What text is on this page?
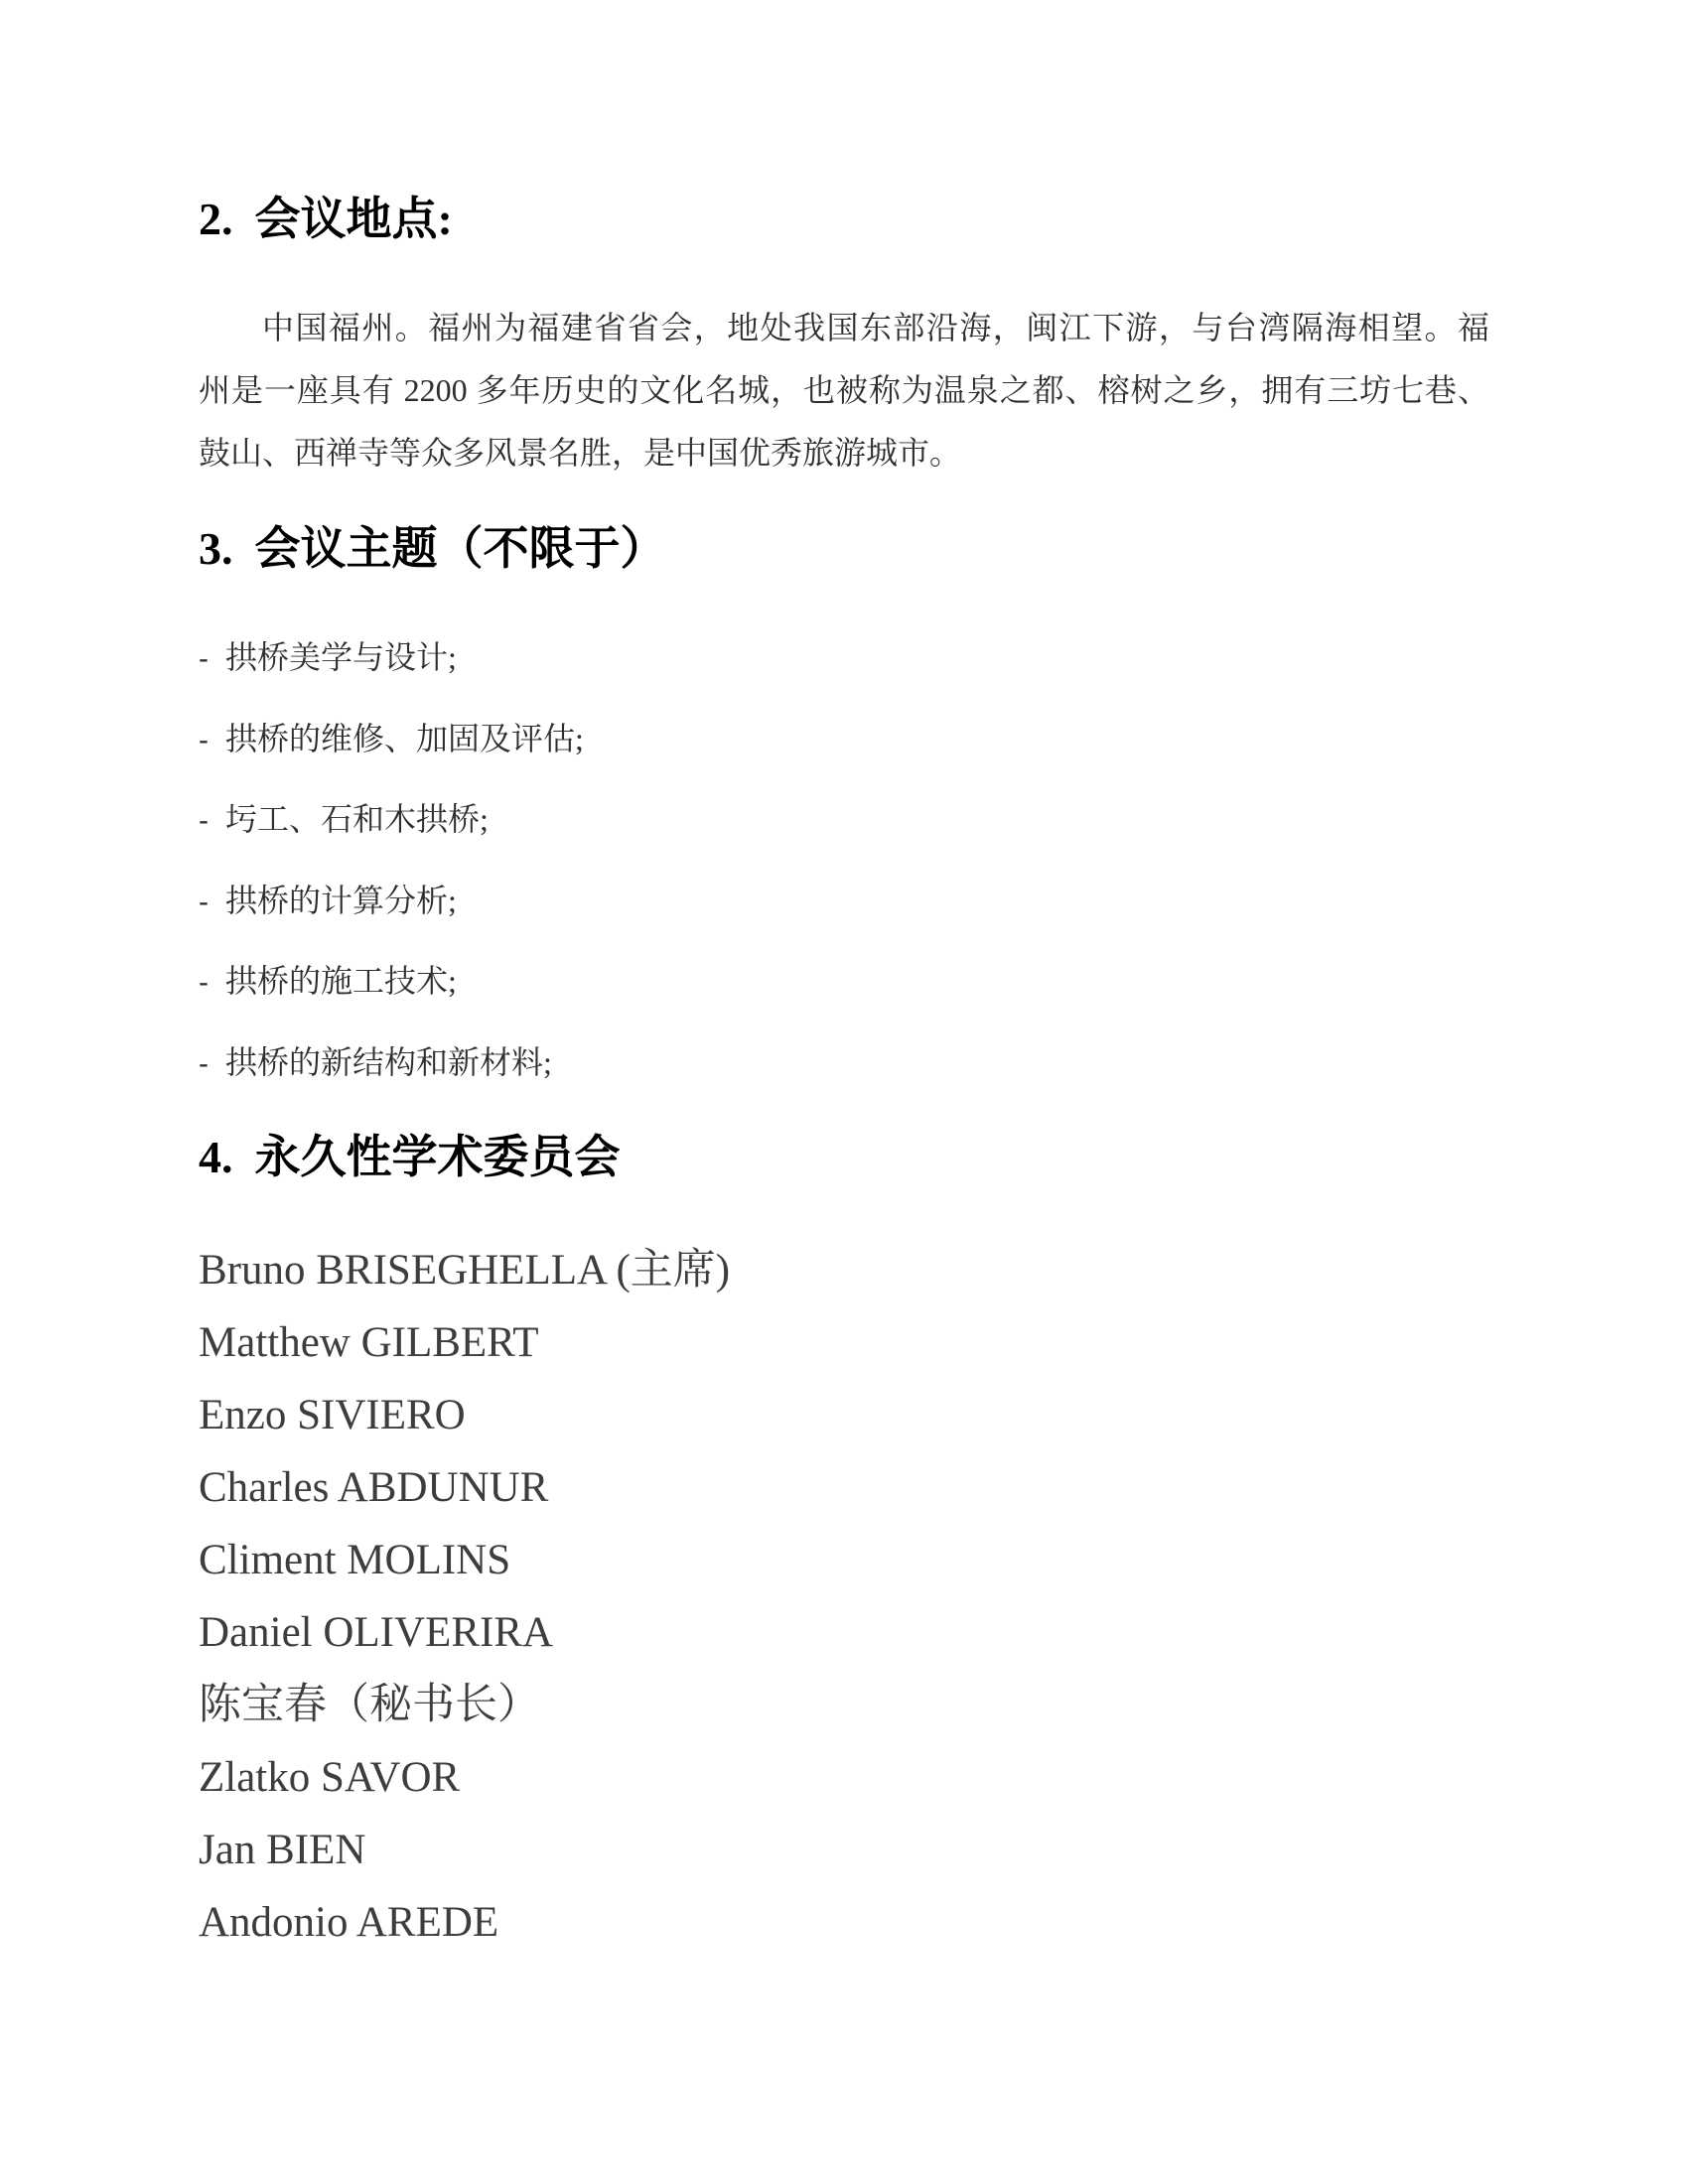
2. 会议地点:
中国福州。福州为福建省省会，地处我国东部沿海，闽江下游，与台湾隔海相望。福
州是一座具有 2200 多年历史的文化名城，也被称为温泉之都、榕树之乡，拥有三坊七巷、
鼓山、西禅寺等众多风景名胜，是中国优秀旅游城市。
3. 会议主题（不限于）
- 拱桥美学与设计;
- 拱桥的维修、加固及评估;
- 圬工、石和木拱桥;
- 拱桥的计算分析;
- 拱桥的施工技术;
- 拱桥的新结构和新材料;
4. 永久性学术委员会
Bruno BRISEGHELLA (主席)
Matthew GILBERT
Enzo SIVIERO
Charles ABDUNUR
Climent MOLINS
Daniel OLIVERIRA
陈宝春（秘书长）
Zlatko SAVOR
Jan BIEN
Andonio AREDE
